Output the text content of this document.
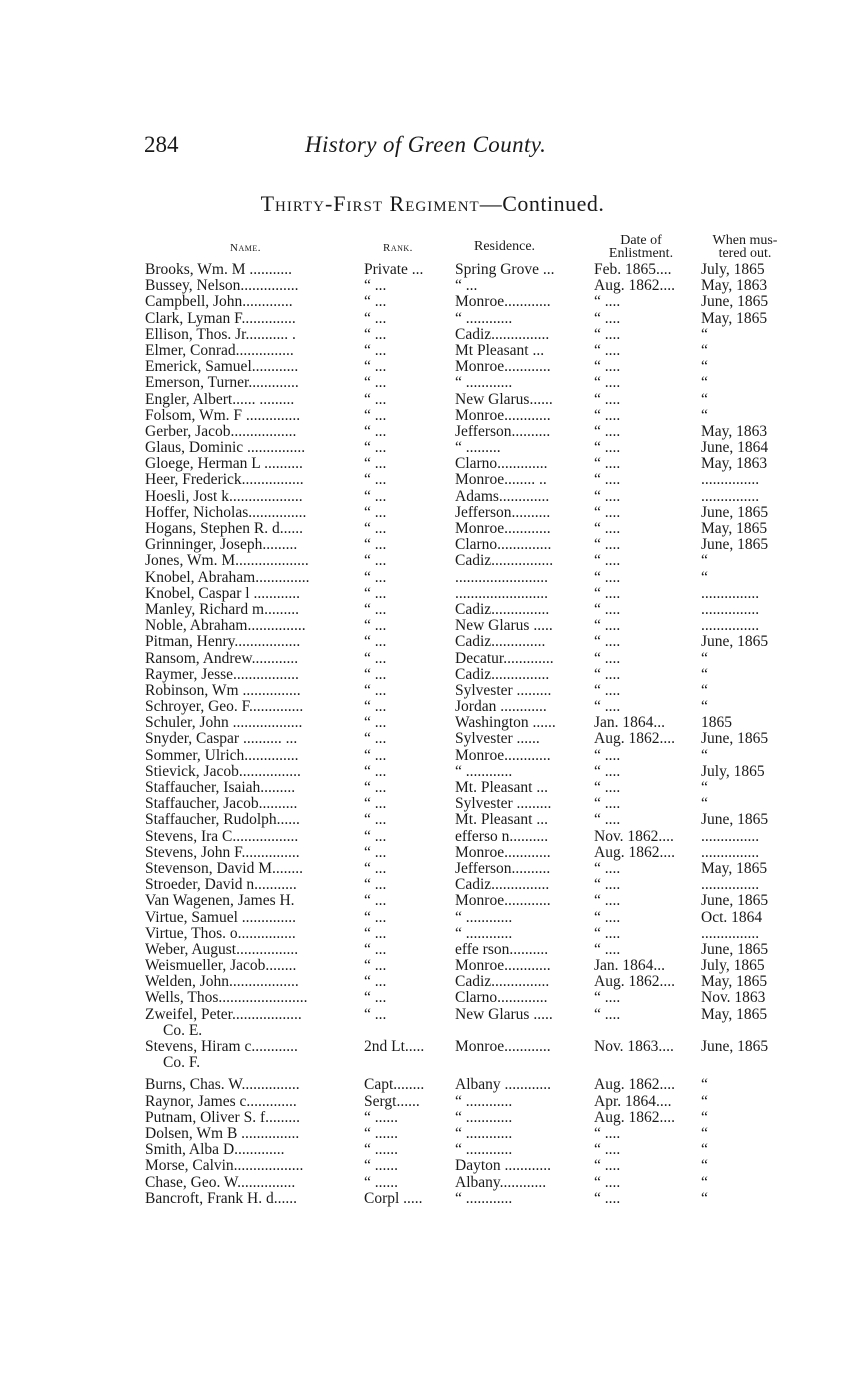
284	History of Green County.
Thirty-First Regiment—Continued.
Name.	Rank.	Residence.	Date of
Enlistment.
When mus-
tered out.
Brooks, Wm. M ...........	Private ...	Spring Grove ...	Feb. 1865....	July, 1865
Bussey, Nelson...............	“ ...	“ ...	Aug. 1862....	May, 1863
Campbell, John.............	“ ...	Monroe............	“ ....	June, 1865
Clark, Lyman F..............	“ ...	“ ............	“ ....	May, 1865
Ellison, Thos. Jr........... .	“ ...	Cadiz...............	“ ....	“
Elmer, Conrad...............	“ ...	Mt Pleasant ...	“ ....	“
Emerick, Samuel............	“ ...	Monroe............	“ ....	“
Emerson, Turner.............	“ ...	“ ............	“ ....	“
Engler, Albert...... .........	“ ...	New Glarus......	“ ....	“
Folsom, Wm. F ..............	“ ...	Monroe............	“ ....	“
Gerber, Jacob.................	“ ...	Jefferson..........	“ ....	May, 1863
Glaus, Dominic ...............	“ ...	“ .........	“ ....	June, 1864
Gloege, Herman L ..........	“ ...	Clarno.............	“ ....	May, 1863
Heer, Frederick................	“ ...	Monroe........ ..	“ ....	...............
Hoesli, Jost k...................	“ ...	Adams.............	“ ....	...............
Hoffer, Nicholas...............	“ ...	Jefferson..........	“ ....	June, 1865
Hogans, Stephen R. d......	“ ...	Monroe............	“ ....	May, 1865
Grinninger, Joseph.........	“ ...	Clarno..............	“ ....	June, 1865
Jones, Wm. M...................	“ ...	Cadiz................	“ ....	“
Knobel, Abraham..............	“ ...	........................	“ ....	“
Knobel, Caspar l ............	“ ...	........................	“ ....	...............
Manley, Richard m.........	“ ...	Cadiz...............	“ ....	...............
Noble, Abraham...............	“ ...	New Glarus .....	“ ....	...............
Pitman, Henry.................	“ ...	Cadiz..............	“ ....	June, 1865
Ransom, Andrew............	“ ...	Decatur.............	“ ....	“
Raymer, Jesse.................	“ ...	Cadiz...............	“ ....	“
Robinson, Wm ...............	“ ...	Sylvester .........	“ ....	“
Schroyer, Geo. F..............	“ ...	Jordan ............	“ ....	“
Schuler, John ..................	“ ...	Washington ......	Jan. 1864...	1865
Snyder, Caspar .......... ...	“ ...	Sylvester ......	Aug. 1862....	June, 1865
Sommer, Ulrich..............	“ ...	Monroe............	“ ....	“
Stievick, Jacob................	“ ...	“ ............	“ ....	July, 1865
Staffaucher, Isaiah.........	“ ...	Mt. Pleasant ...	“ ....	“
Staffaucher, Jacob..........	“ ...	Sylvester .........	“ ....	“
Staffaucher, Rudolph......	“ ...	Mt. Pleasant ...	“ ....	June, 1865
Stevens, Ira C.................	“ ...	efferso n..........	Nov. 1862....	...............
Stevens, John F...............	“ ...	Monroe............	Aug. 1862....	...............
Stevenson, David M........	“ ...	Jefferson..........	“ ....	May, 1865
Stroeder, David n...........	“ ...	Cadiz...............	“ ....	...............
Van Wagenen, James H.	“ ...	Monroe............	“ ....	June, 1865
Virtue, Samuel ..............	“ ...	“ ............	“ ....	Oct. 1864
Virtue, Thos. o...............	“ ...	“ ............	“ ....	...............
Weber, August................	“ ...	effe rson..........	“ ....	June, 1865
Weismueller, Jacob........	“ ...	Monroe............	Jan. 1864...	July, 1865
Welden, John..................	“ ...	Cadiz...............	Aug. 1862....	May, 1865
Wells, Thos.......................	“ ...	Clarno.............	“ ....	Nov. 1863
Zweifel, Peter..................	“ ...	New Glarus .....	“ ....	May, 1865
Co. E.
Stevens, Hiram c............	2nd Lt.....	Monroe............	Nov. 1863....	June, 1865
Co. F.
Burns, Chas. W...............	Capt........	Albany ............	Aug. 1862....	“
Raynor, James c.............	Sergt......	“ ............	Apr. 1864....	“
Putnam, Oliver S. f.........	“ ......	“ ............	Aug. 1862....	“
Dolsen, Wm B ...............	“ ......	“ ............	“ ....	“
Smith, Alba D.............	“ ......	“ ............	“ ....	“
Morse, Calvin..................	“ ......	Dayton ............	“ ....	“
Chase, Geo. W...............	“ ......	Albany............	“ ....	“
Bancroft, Frank H. d......	Corpl .....	“ ............	“ ....	“
